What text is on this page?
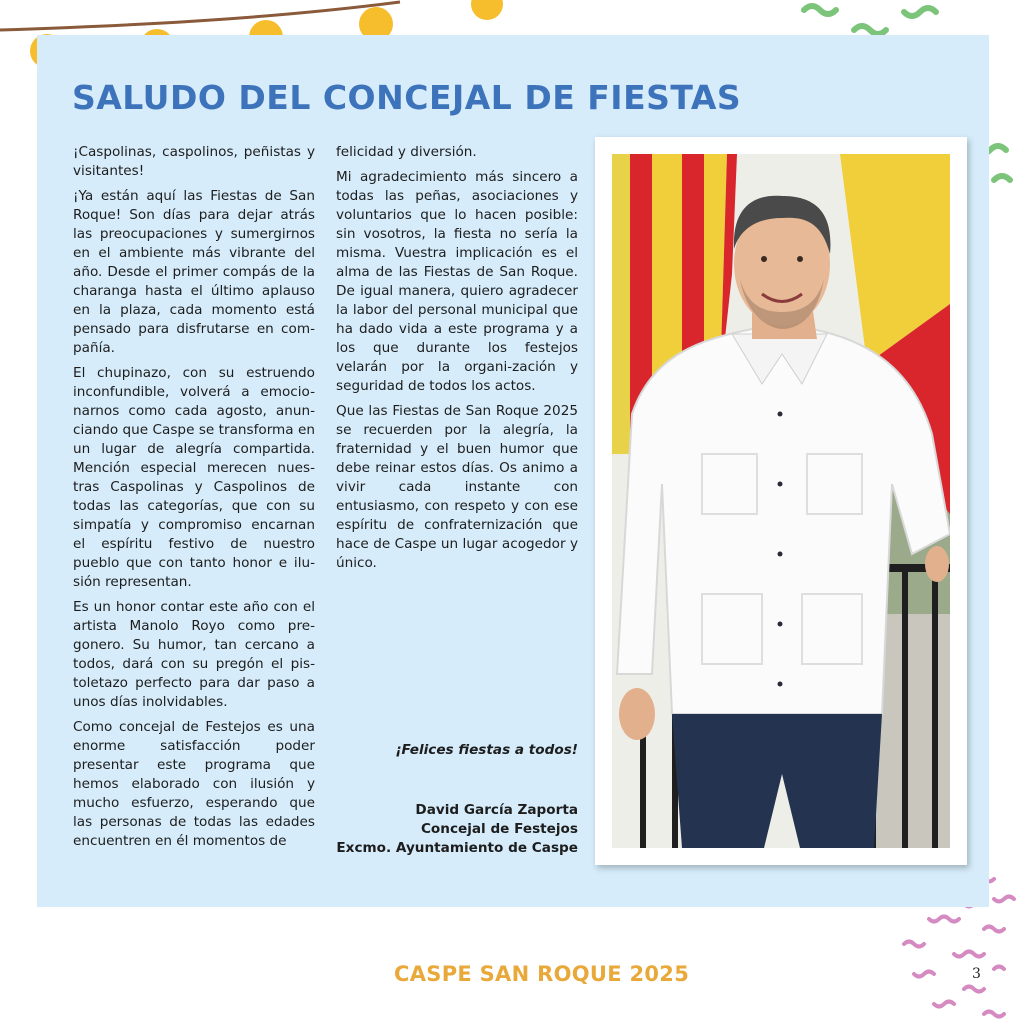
SALUDO DEL CONCEJAL DE FIESTAS

¡Caspolinas, caspolinos, peñistas y visitantes!

¡Ya están aquí las Fiestas de San Roque! Son días para dejar atrás las preocupaciones y sumergirnos en el ambiente más vibrante del año. Desde el primer compás de la charanga hasta el último aplauso en la plaza, cada momento está pensado para disfrutarse en com-pañía.

El chupinazo, con su estruendo inconfundible, volverá a emocio-narnos como cada agosto, anun-ciando que Caspe se transforma en un lugar de alegría compartida. Mención especial merecen nues-tras Caspolinas y Caspolinos de todas las categorías, que con su simpatía y compromiso encarnan el espíritu festivo de nuestro pueblo que con tanto honor e ilu-sión representan.

Es un honor contar este año con el artista Manolo Royo como pre-gonero. Su humor, tan cercano a todos, dará con su pregón el pis-toletazo perfecto para dar paso a unos días inolvidables.

Como concejal de Festejos es una enorme satisfacción poder presentar este programa que hemos elaborado con ilusión y mucho esfuerzo, esperando que las personas de todas las edades encuentren en él momentos de

felicidad y diversión.

Mi agradecimiento más sincero a todas las peñas, asociaciones y voluntarios que lo hacen posible: sin vosotros, la fiesta no sería la misma. Vuestra implicación es el alma de las Fiestas de San Roque. De igual manera, quiero agradecer la labor del personal municipal que ha dado vida a este programa y a los que durante los festejos velarán por la organi-zación y seguridad de todos los actos.

Que las Fiestas de San Roque 2025 se recuerden por la alegría, la fraternidad y el buen humor que debe reinar estos días. Os animo a vivir cada instante con entusiasmo, con respeto y con ese espíritu de confraternización que hace de Caspe un lugar acogedor y único.

¡Felices fiestas a todos!
David García Zaporta
Concejal de Festejos
Excmo. Ayuntamiento de Caspe
CASPE SAN ROQUE 2025	3
